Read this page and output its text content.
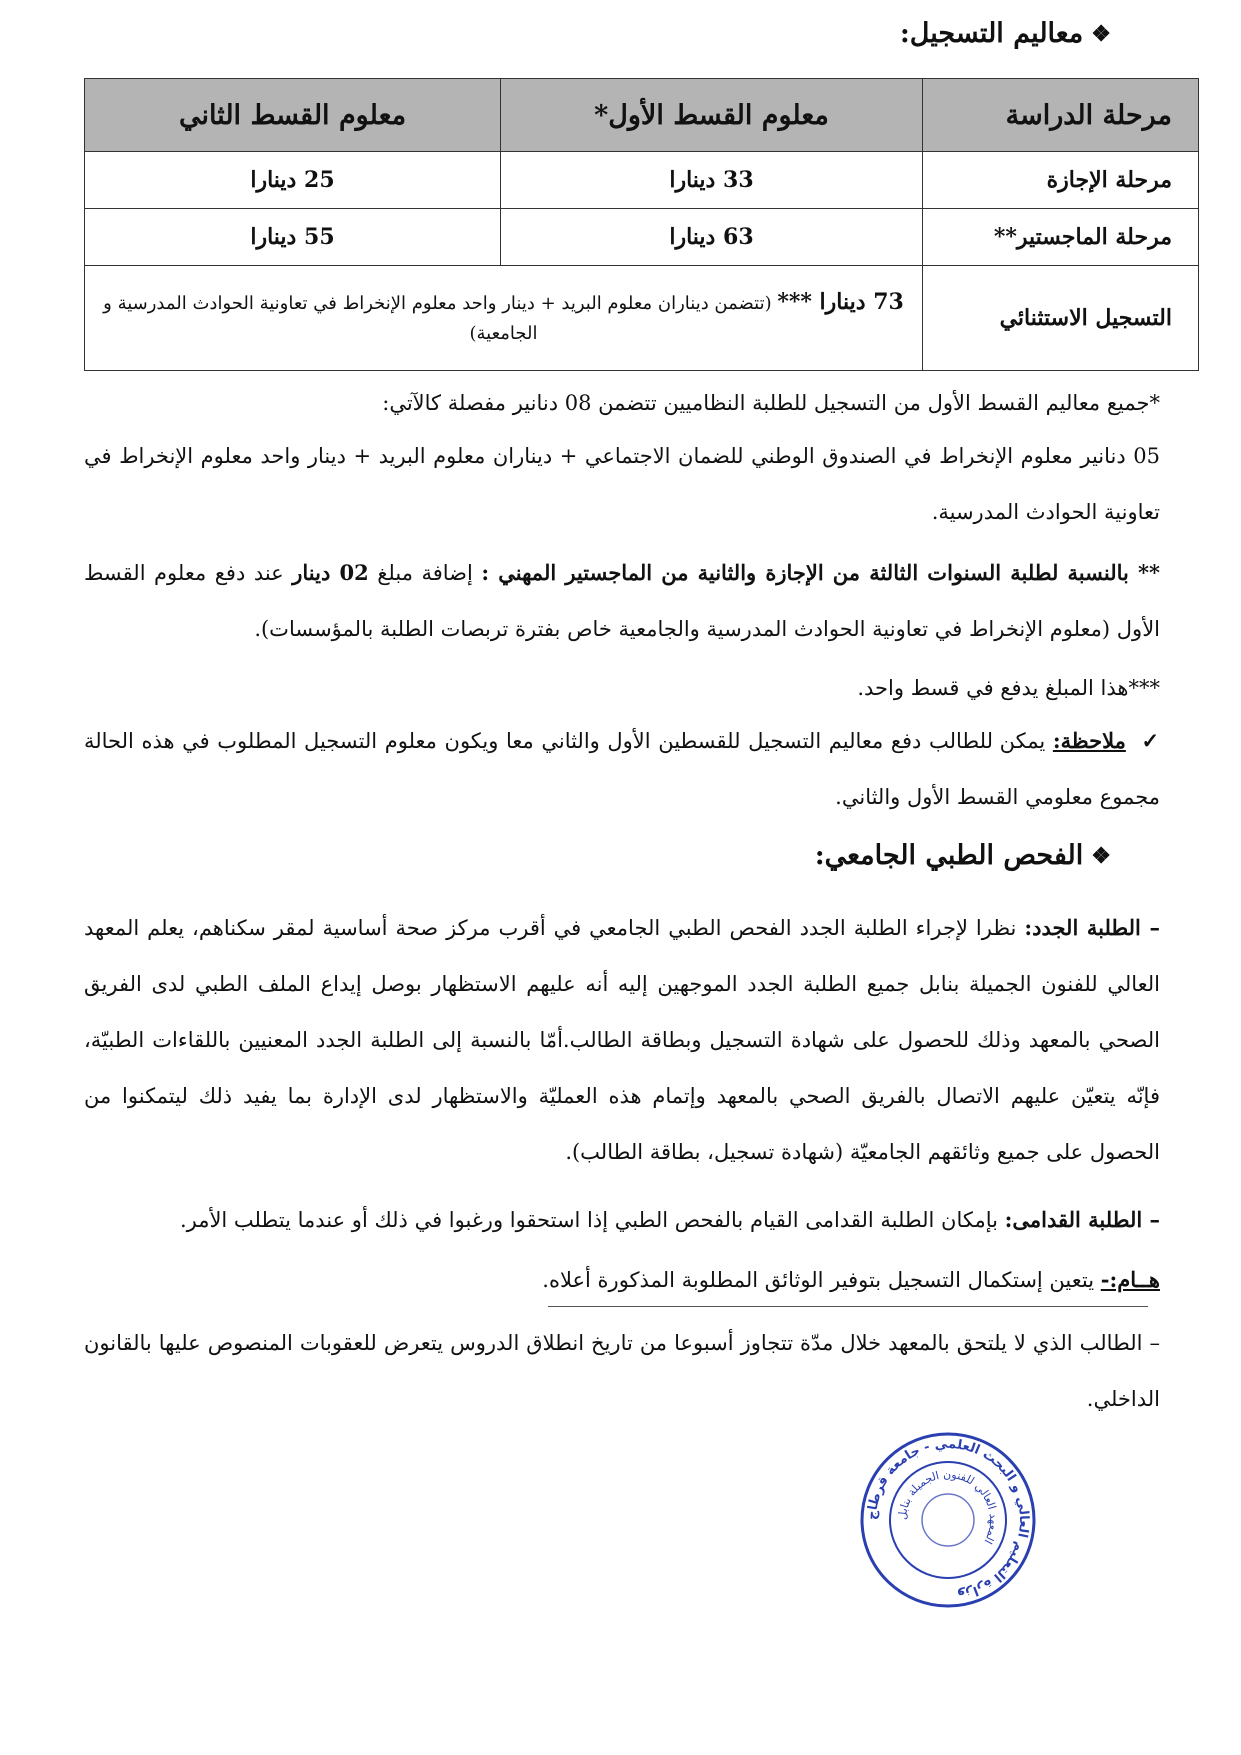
❖
معاليم التسجيل:
مرحلة الدراسة	معلوم القسط الأول*	معلوم القسط الثاني
مرحلة الإجازة	33 دينارا	25 دينارا
مرحلة الماجستير**	63 دينارا	55 دينارا
التسجيل الاستثنائي	73 دينارا *** (تتضمن ديناران معلوم البريد + دينار واحد معلوم الإنخراط في تعاونية الحوادث المدرسية و الجامعية)	
*جميع معاليم القسط الأول من التسجيل للطلبة النظاميين تتضمن 08 دنانير مفصلة كالآتي:
05 دنانير معلوم الإنخراط في الصندوق الوطني للضمان الاجتماعي + ديناران معلوم البريد + دينار واحد معلوم الإنخراط في تعاونية الحوادث المدرسية.
** بالنسبة لطلبة السنوات الثالثة من الإجازة والثانية من الماجستير المهني : إضافة مبلغ 02 دينار عند دفع معلوم القسط الأول (معلوم الإنخراط في تعاونية الحوادث المدرسية والجامعية خاص بفترة تربصات الطلبة بالمؤسسات).
***هذا المبلغ يدفع في قسط واحد.
✓ ملاحظة: يمكن للطالب دفع معاليم التسجيل للقسطين الأول والثاني معا ويكون معلوم التسجيل المطلوب في هذه الحالة مجموع معلومي القسط الأول والثاني.
❖
الفحص الطبي الجامعي:
– الطلبة الجدد: نظرا لإجراء الطلبة الجدد الفحص الطبي الجامعي في أقرب مركز صحة أساسية لمقر سكناهم، يعلم المعهد العالي للفنون الجميلة بنابل جميع الطلبة الجدد الموجهين إليه أنه عليهم الاستظهار بوصل إيداع الملف الطبي لدى الفريق الصحي بالمعهد وذلك للحصول على شهادة التسجيل وبطاقة الطالب.أمّا بالنسبة إلى الطلبة الجدد المعنيين باللقاءات الطبيّة، فإنّه يتعيّن عليهم الاتصال بالفريق الصحي بالمعهد وإتمام هذه العمليّة والاستظهار لدى الإدارة بما يفيد ذلك ليتمكنوا من الحصول على جميع وثائقهم الجامعيّة (شهادة تسجيل، بطاقة الطالب).
– الطلبة القدامى: بإمكان الطلبة القدامى القيام بالفحص الطبي إذا استحقوا ورغبوا في ذلك أو عندما يتطلب الأمر.
هــام:- يتعين إستكمال التسجيل بتوفير الوثائق المطلوبة المذكورة أعلاه.
– الطالب الذي لا يلتحق بالمعهد خلال مدّة تتجاوز أسبوعا من تاريخ انطلاق الدروس يتعرض للعقوبات المنصوص عليها بالقانون الداخلي.
وزارة التعليم العالي و البحث العلمي - جامعة قرطاج
المعهد العالي للفنون الجميلة بنابل
